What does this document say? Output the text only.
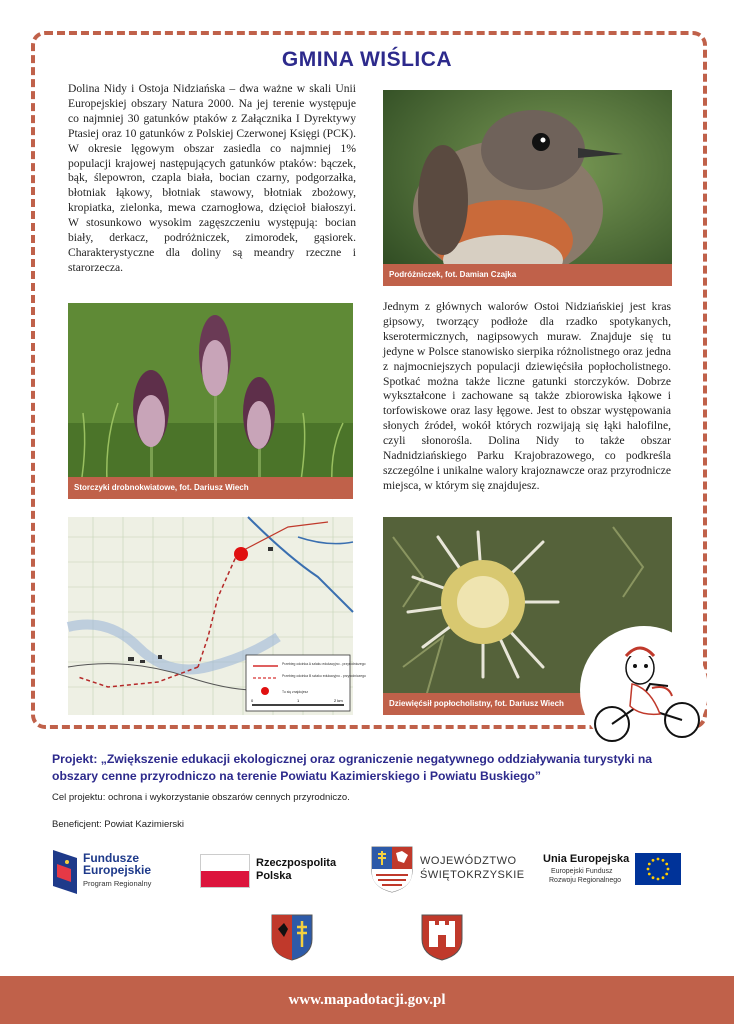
GMINA WIŚLICA

Dolina Nidy i Ostoja Nidziańska – dwa ważne w skali Unii Europejskiej obszary Natura 2000. Na jej terenie występuje co najmniej 30 gatunków ptaków z Załącznika I Dyrektywy Ptasiej oraz 10 gatunków z Polskiej Czerwonej Księgi (PCK). W okresie lęgowym obszar zasiedla co najmniej 1% populacji krajowej następujących gatunków ptaków: bączek, bąk, ślepowron, czapla biała, bocian czarny, podgorzałka, błotniak łąkowy, błotniak stawowy, błotniak zbożowy, kropiatka, zielonka, mewa czarnogłowa, dzięcioł białoszyi. W stosunkowo wysokim zagęszczeniu występują: bocian biały, derkacz, podróżniczek, zimorodek, gąsiorek. Charakterystyczne dla doliny są meandry rzeczne i starorzecza.

Podróżniczek, fot. Damian Czajka
Storczyki drobnokwiatowe, fot. Dariusz Wiech

Jednym z głównych walorów Ostoi Nidziańskiej jest kras gipsowy, tworzący podłoże dla rzadko spotykanych, kserotermicznych, nagipsowych muraw. Znajduje się tu jedyne w Polsce stanowisko sierpika różnolistnego oraz jedna z najmocniejszych populacji dziewięćsiła popłocholistnego. Spotkać można także liczne gatunki storczyków. Dobrze wykształcone i zachowane są także zbiorowiska łąkowe i torfowiskowe oraz lasy łęgowe. Jest to obszar występowania słonych źródeł, wokół których rozwijają się łąki halofilne, czyli słonorośla. Dolina Nidy to także obszar Nadnidziańskiego Parku Krajobrazowego, co podkreśla szczególne i unikalne walory krajoznawcze oraz przyrodnicze miejsca, w którym się znajdujesz.

Przebieg odcinka A szlaku edukacyjno - przyrodniczego
Przebieg odcinka B szlaku edukacyjno - przyrodniczego
Tu się znajdujesz
0	1	2 km	Dziewięćsił popłocholistny, fot. Dariusz Wiech

Projekt: „Zwiększenie edukacji ekologicznej oraz ograniczenie negatywnego oddziaływania turystyki na obszary cenne przyrodniczo na terenie Powiatu Kazimierskiego i Powiatu Buskiego”

Cel projektu: ochrona i wykorzystanie obszarów cennych przyrodniczo.

Beneficjent: Powiat Kazimierski

Fundusze
Europejskie
Program Regionalny
Rzeczpospolita
Polska
WOJEWÓDZTWO
ŚWIĘTOKRZYSKIE
Unia Europejska
Europejski Fundusz
Rozwoju Regionalnego
www.mapadotacji.gov.pl
